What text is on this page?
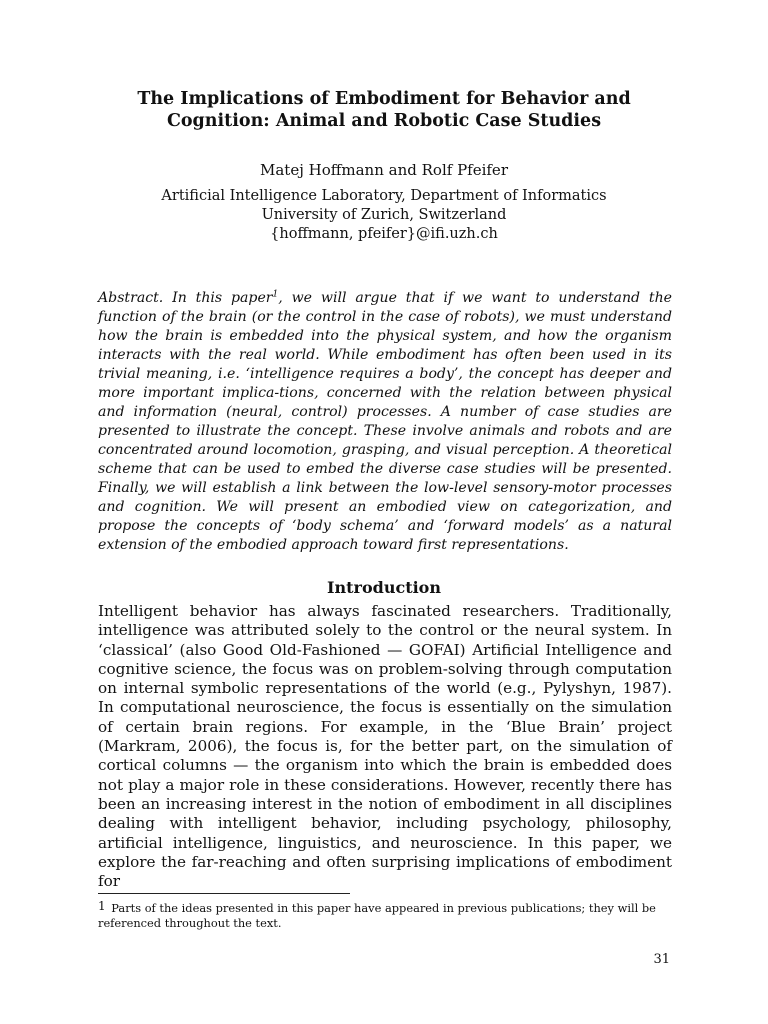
The Implications of Embodiment for Behavior and
Cognition: Animal and Robotic Case Studies

Matej Hoffmann and Rolf Pfeifer

Artificial Intelligence Laboratory, Department of Informatics
University of Zurich, Switzerland
{hoffmann, pfeifer}@ifi.uzh.ch

Abstract. In this paper$^1$, we will argue that if we want to understand the function of the brain (or the control in the case of robots), we must understand how the brain is embedded into the physical system, and how the organism interacts with the real world. While embodiment has often been used in its trivial meaning, i.e. ‘intelligence requires a body’, the concept has deeper and more important implica-tions, concerned with the relation between physical and information (neural, control) processes. A number of case studies are presented to illustrate the concept. These involve animals and robots and are concentrated around locomotion, grasping, and visual perception. A theoretical scheme that can be used to embed the diverse case studies will be presented. Finally, we will establish a link between the low-level sensory-motor processes and cognition. We will present an embodied view on categorization, and propose the concepts of ‘body schema’ and ‘forward models’ as a natural extension of the embodied approach toward first representations.

Introduction

Intelligent behavior has always fascinated researchers. Traditionally, intelligence was attributed solely to the control or the neural system. In ‘classical’ (also Good Old-Fashioned — GOFAI) Artificial Intelligence and cognitive science, the focus was on problem-solving through computation on internal symbolic representations of the world (e.g., Pylyshyn, 1987). In computational neuroscience, the focus is essentially on the simulation of certain brain regions. For example, in the ‘Blue Brain’ project (Markram, 2006), the focus is, for the better part, on the simulation of cortical columns — the organism into which the brain is embedded does not play a major role in these considerations. However, recently there has been an increasing interest in the notion of embodiment in all disciplines dealing with intelligent behavior, including psychology, philosophy, artificial intelligence, linguistics, and neuroscience. In this paper, we explore the far-reaching and often surprising implications of embodiment for

$^1$ Parts of the ideas presented in this paper have appeared in previous publications; they will be referenced throughout the text.

31
